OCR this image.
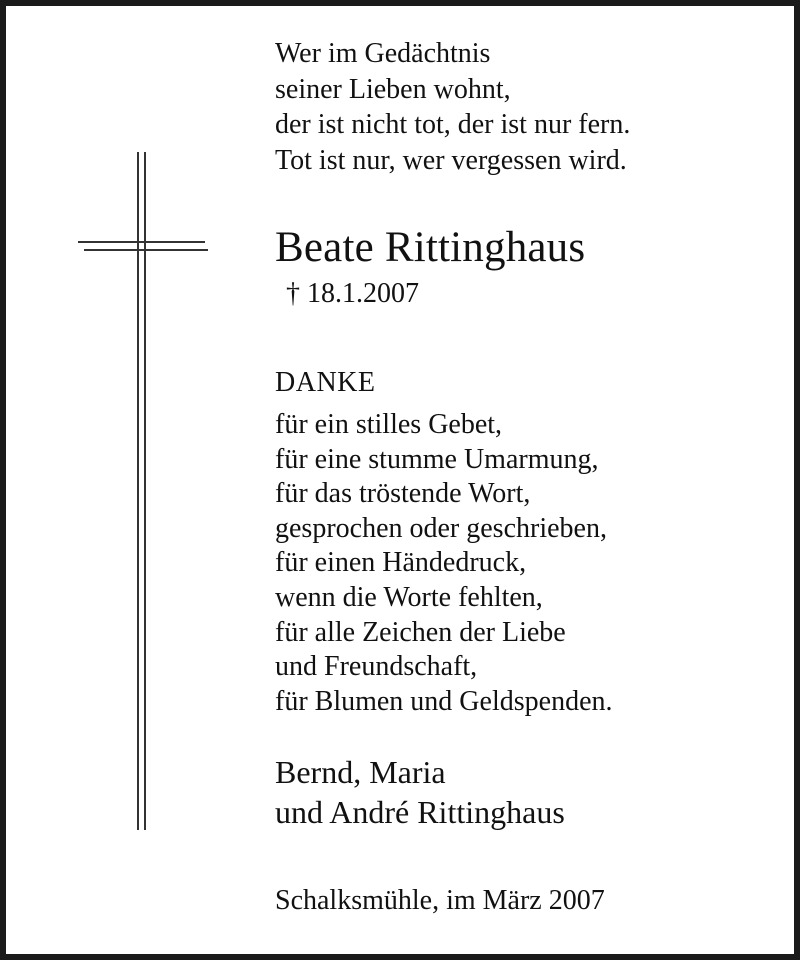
Wer im Gedächtnis
seiner Lieben wohnt,
der ist nicht tot, der ist nur fern.
Tot ist nur, wer vergessen wird.
Beate Rittinghaus
† 18.1.2007
DANKE
für ein stilles Gebet,
für eine stumme Umarmung,
für das tröstende Wort,
gesprochen oder geschrieben,
für einen Händedruck,
wenn die Worte fehlten,
für alle Zeichen der Liebe
und Freundschaft,
für Blumen und Geldspenden.
Bernd, Maria
und André Rittinghaus
Schalksmühle, im März 2007
